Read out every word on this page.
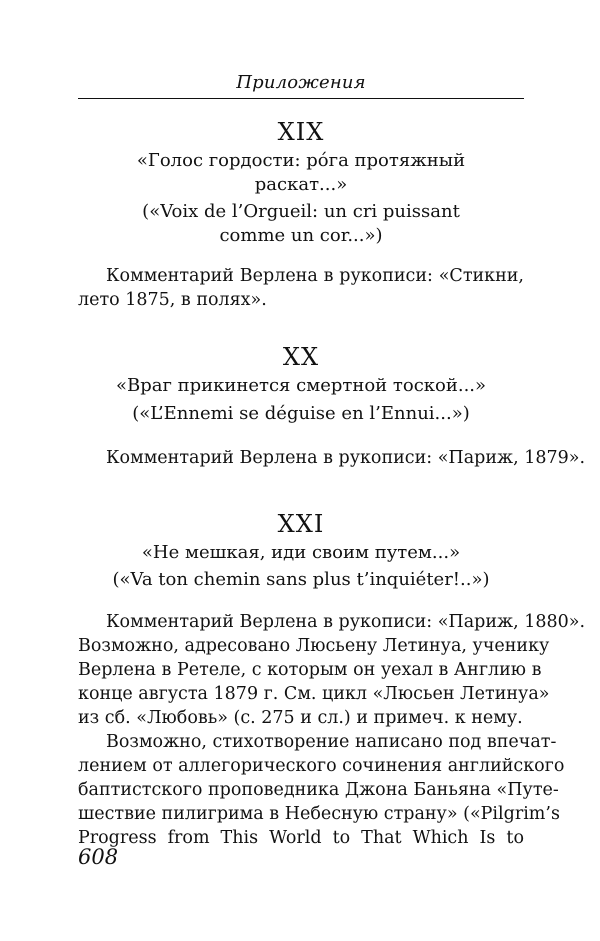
Приложения
XIX
«Голос гордости: рóга протяжный
раскат...»
(«Voix de l’Orgueil: un cri puissant
comme un cor...»)
Комментарий Верлена в рукописи: «Стикни,
лето 1875, в полях».
XX
«Враг прикинется смертной тоской...»
(«L’Ennemi se déguise en l’Ennui...»)
Комментарий Верлена в рукописи: «Париж, 1879».
XXI
«Не мешкая, иди своим путем...»
(«Va ton chemin sans plus t’inquiéter!..»)
Комментарий Верлена в рукописи: «Париж, 1880».
Возможно, адресовано Люсьену Летинуа, ученику
Верлена в Ретеле, с которым он уехал в Англию в
конце августа 1879 г. См. цикл «Люсьен Летинуа»
из сб. «Любовь» (с. 275 и сл.) и примеч. к нему.
Возможно, стихотворение написано под впечат-
лением от аллегорического сочинения английского
баптистского проповедника Джона Баньяна «Путе-
шествие пилигрима в Небесную страну» («Pilgrim’s
Progress from This World to That Which Is to
608
